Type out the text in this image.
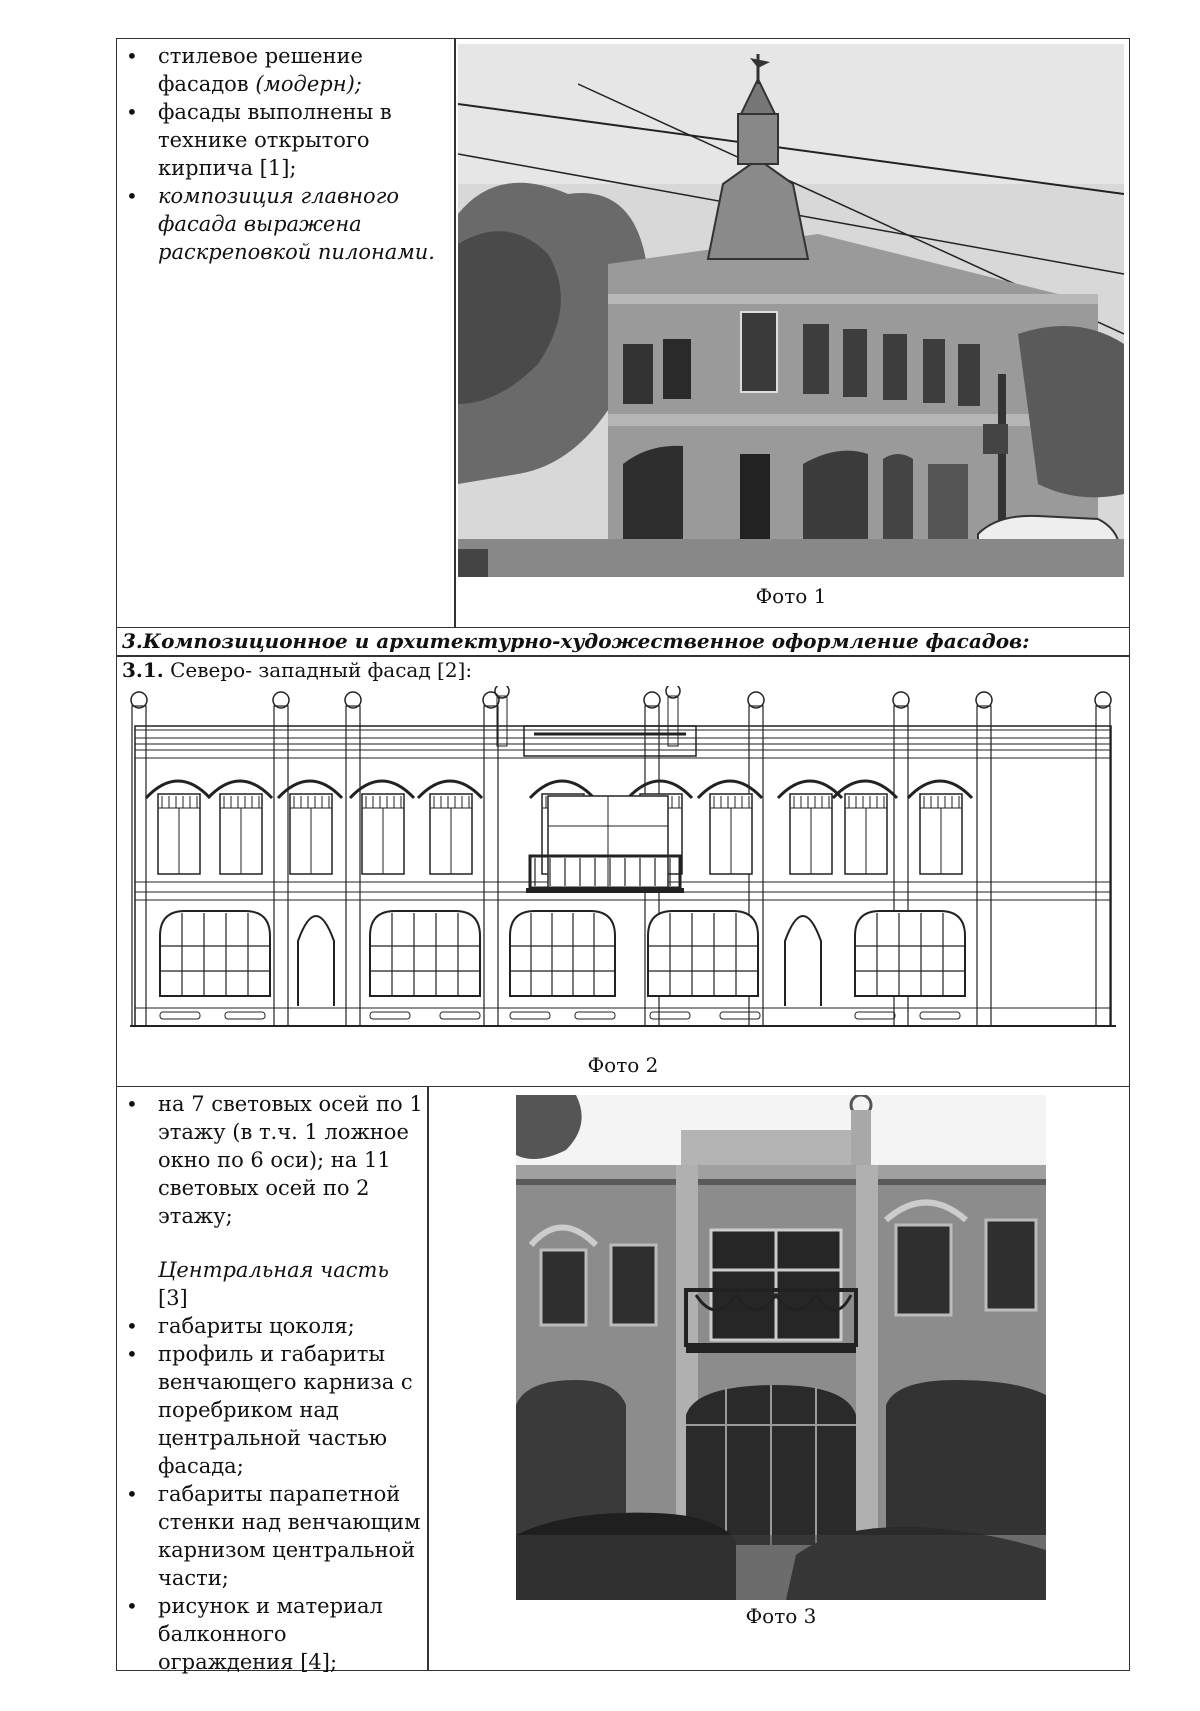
• стилевое решение фасадов (модерн);
• фасады выполнены в технике открытого кирпича [1];
• композиция главного фасада выражена раскреповкой пилонами.
Фото 1
3.Композиционное и архитектурно-художественное оформление фасадов:
3.1. Северо- западный фасад [2]:
Фото 2
• на 7 световых осей по 1 этажу (в т.ч. 1 ложное окно по 6 оси); на 11 световых осей по 2 этажу;
Центральная часть [3]
• габариты цоколя;
• профиль и габариты венчающего карниза с поребриком над центральной частью фасада;
• габариты парапетной стенки над венчающим карнизом центральной части;
• рисунок и материал балконного ограждения [4];
Фото 3
